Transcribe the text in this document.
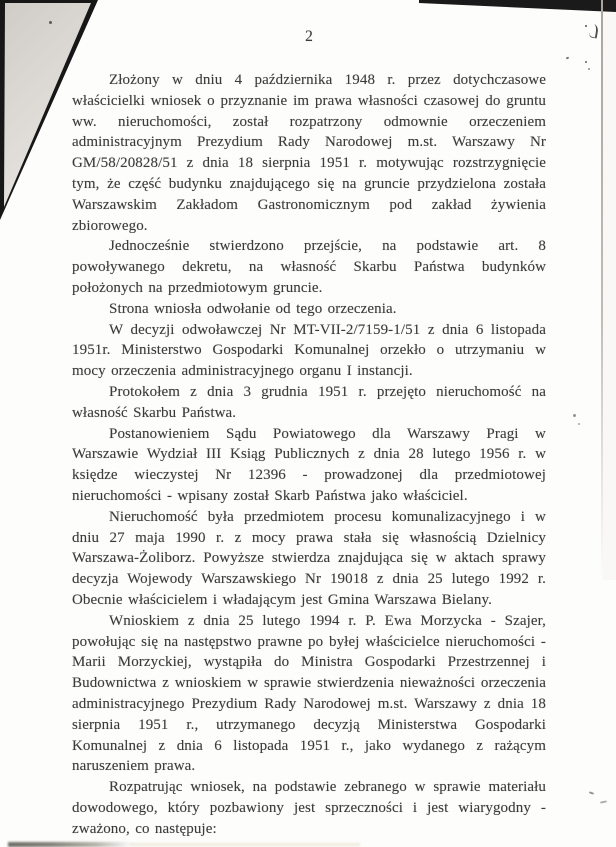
2

Złożony w dniu 4 października 1948 r. przez dotychczasowe właścicielki wniosek o przyznanie im prawa własności czasowej do gruntu ww. nieruchomości, został rozpatrzony odmownie orzeczeniem administracyjnym Prezydium Rady Narodowej m.st. Warszawy Nr GM/58/20828/51 z dnia 18 sierpnia 1951 r. motywując rozstrzygnięcie tym, że część budynku znajdującego się na gruncie przydzielona została Warszawskim Zakładom Gastronomicznym pod zakład żywienia zbiorowego.

Jednocześnie stwierdzono przejście, na podstawie art. 8 powoływanego dekretu, na własność Skarbu Państwa budynków położonych na przedmiotowym gruncie.

Strona wniosła odwołanie od tego orzeczenia.

W decyzji odwoławczej Nr MT-VII-2/7159-1/51 z dnia 6 listopada 1951r. Ministerstwo Gospodarki Komunalnej orzekło o utrzymaniu w mocy orzeczenia administracyjnego organu I instancji.

Protokołem z dnia 3 grudnia 1951 r. przejęto nieruchomość na własność Skarbu Państwa.

Postanowieniem Sądu Powiatowego dla Warszawy Pragi w Warszawie Wydział III Ksiąg Publicznych z dnia 28 lutego 1956 r. w księdze wieczystej Nr 12396 - prowadzonej dla przedmiotowej nieruchomości - wpisany został Skarb Państwa jako właściciel.

Nieruchomość była przedmiotem procesu komunalizacyjnego i w dniu 27 maja 1990 r. z mocy prawa stała się własnością Dzielnicy Warszawa-Żoliborz. Powyższe stwierdza znajdująca się w aktach sprawy decyzja Wojewody Warszawskiego Nr 19018 z dnia 25 lutego 1992 r. Obecnie właścicielem i władającym jest Gmina Warszawa Bielany.

Wnioskiem z dnia 25 lutego 1994 r. P. Ewa Morzycka - Szajer, powołując się na następstwo prawne po byłej właścicielce nieruchomości - Marii Morzyckiej, wystąpiła do Ministra Gospodarki Przestrzennej i Budownictwa z wnioskiem w sprawie stwierdzenia nieważności orzeczenia administracyjnego Prezydium Rady Narodowej m.st. Warszawy z dnia 18 sierpnia 1951 r., utrzymanego decyzją Ministerstwa Gospodarki Komunalnej z dnia 6 listopada 1951 r., jako wydanego z rażącym naruszeniem prawa.

Rozpatrując wniosek, na podstawie zebranego w sprawie materiału dowodowego, który pozbawiony jest sprzeczności i jest wiarygodny - zważono, co następuje:
